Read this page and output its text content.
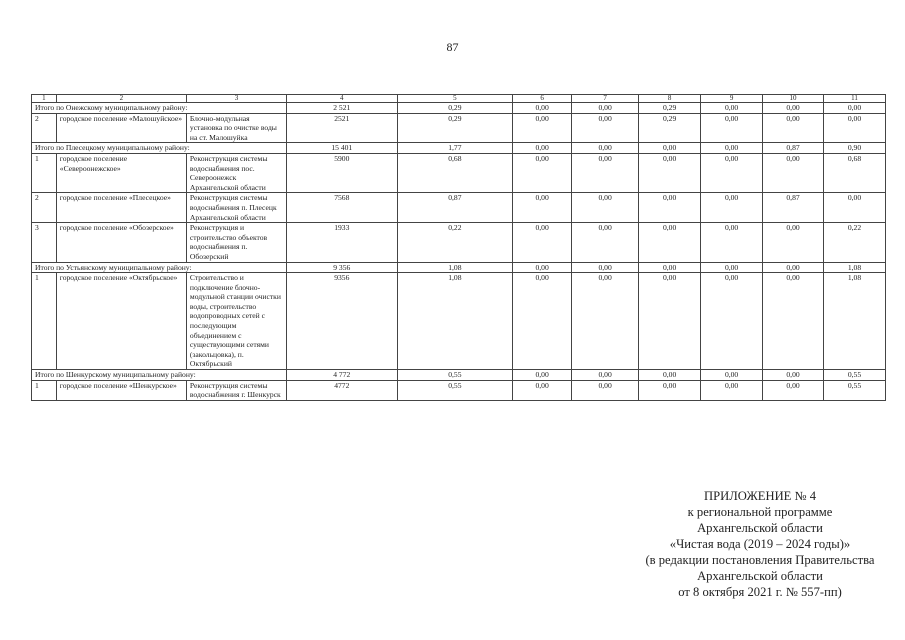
87
1	2	3	4	5	6	7	8	9	10	11
Итого по Онежскому муниципальному району:			2 521	0,29	0,00	0,00	0,29	0,00	0,00	0,00
2	городское поселение «Малошуйское»	Блочно-модульная установка по очистке воды на ст. Малошуйка	2521	0,29	0,00	0,00	0,29	0,00	0,00	0,00
Итого по Плесецкому муниципальному району:			15 401	1,77	0,00	0,00	0,00	0,00	0,87	0,90
1	городское поселение «Североонежское»	Реконструкция системы водоснабжения пос. Североонежск Архангельской области	5900	0,68	0,00	0,00	0,00	0,00	0,00	0,68
2	городское поселение «Плесецкое»	Реконструкция системы водоснабжения п. Плесецк Архангельской области	7568	0,87	0,00	0,00	0,00	0,00	0,87	0,00
3	городское поселение «Обозерское»	Реконструкция и строительство объектов водоснабжения п. Обозерский	1933	0,22	0,00	0,00	0,00	0,00	0,00	0,22
Итого по Устьянскому муниципальному району:			9 356	1,08	0,00	0,00	0,00	0,00	0,00	1,08
1	городское поселение «Октябрьское»	Строительство и подключение блочно-модульной станции очистки воды, строительство водопроводных сетей с последующим объединением с существующими сетями (закольцовка), п. Октябрьский	9356	1,08	0,00	0,00	0,00	0,00	0,00	1,08
Итого по Шенкурскому муниципальному району:			4 772	0,55	0,00	0,00	0,00	0,00	0,00	0,55
1	городское поселение «Шенкурское»	Реконструкция системы водоснабжения г. Шенкурск	4772	0,55	0,00	0,00	0,00	0,00	0,00	0,55
ПРИЛОЖЕНИЕ № 4
к региональной программе
Архангельской области
«Чистая вода (2019 – 2024 годы)»
(в редакции постановления Правительства
Архангельской области
от 8 октября 2021 г. № 557-пп)
